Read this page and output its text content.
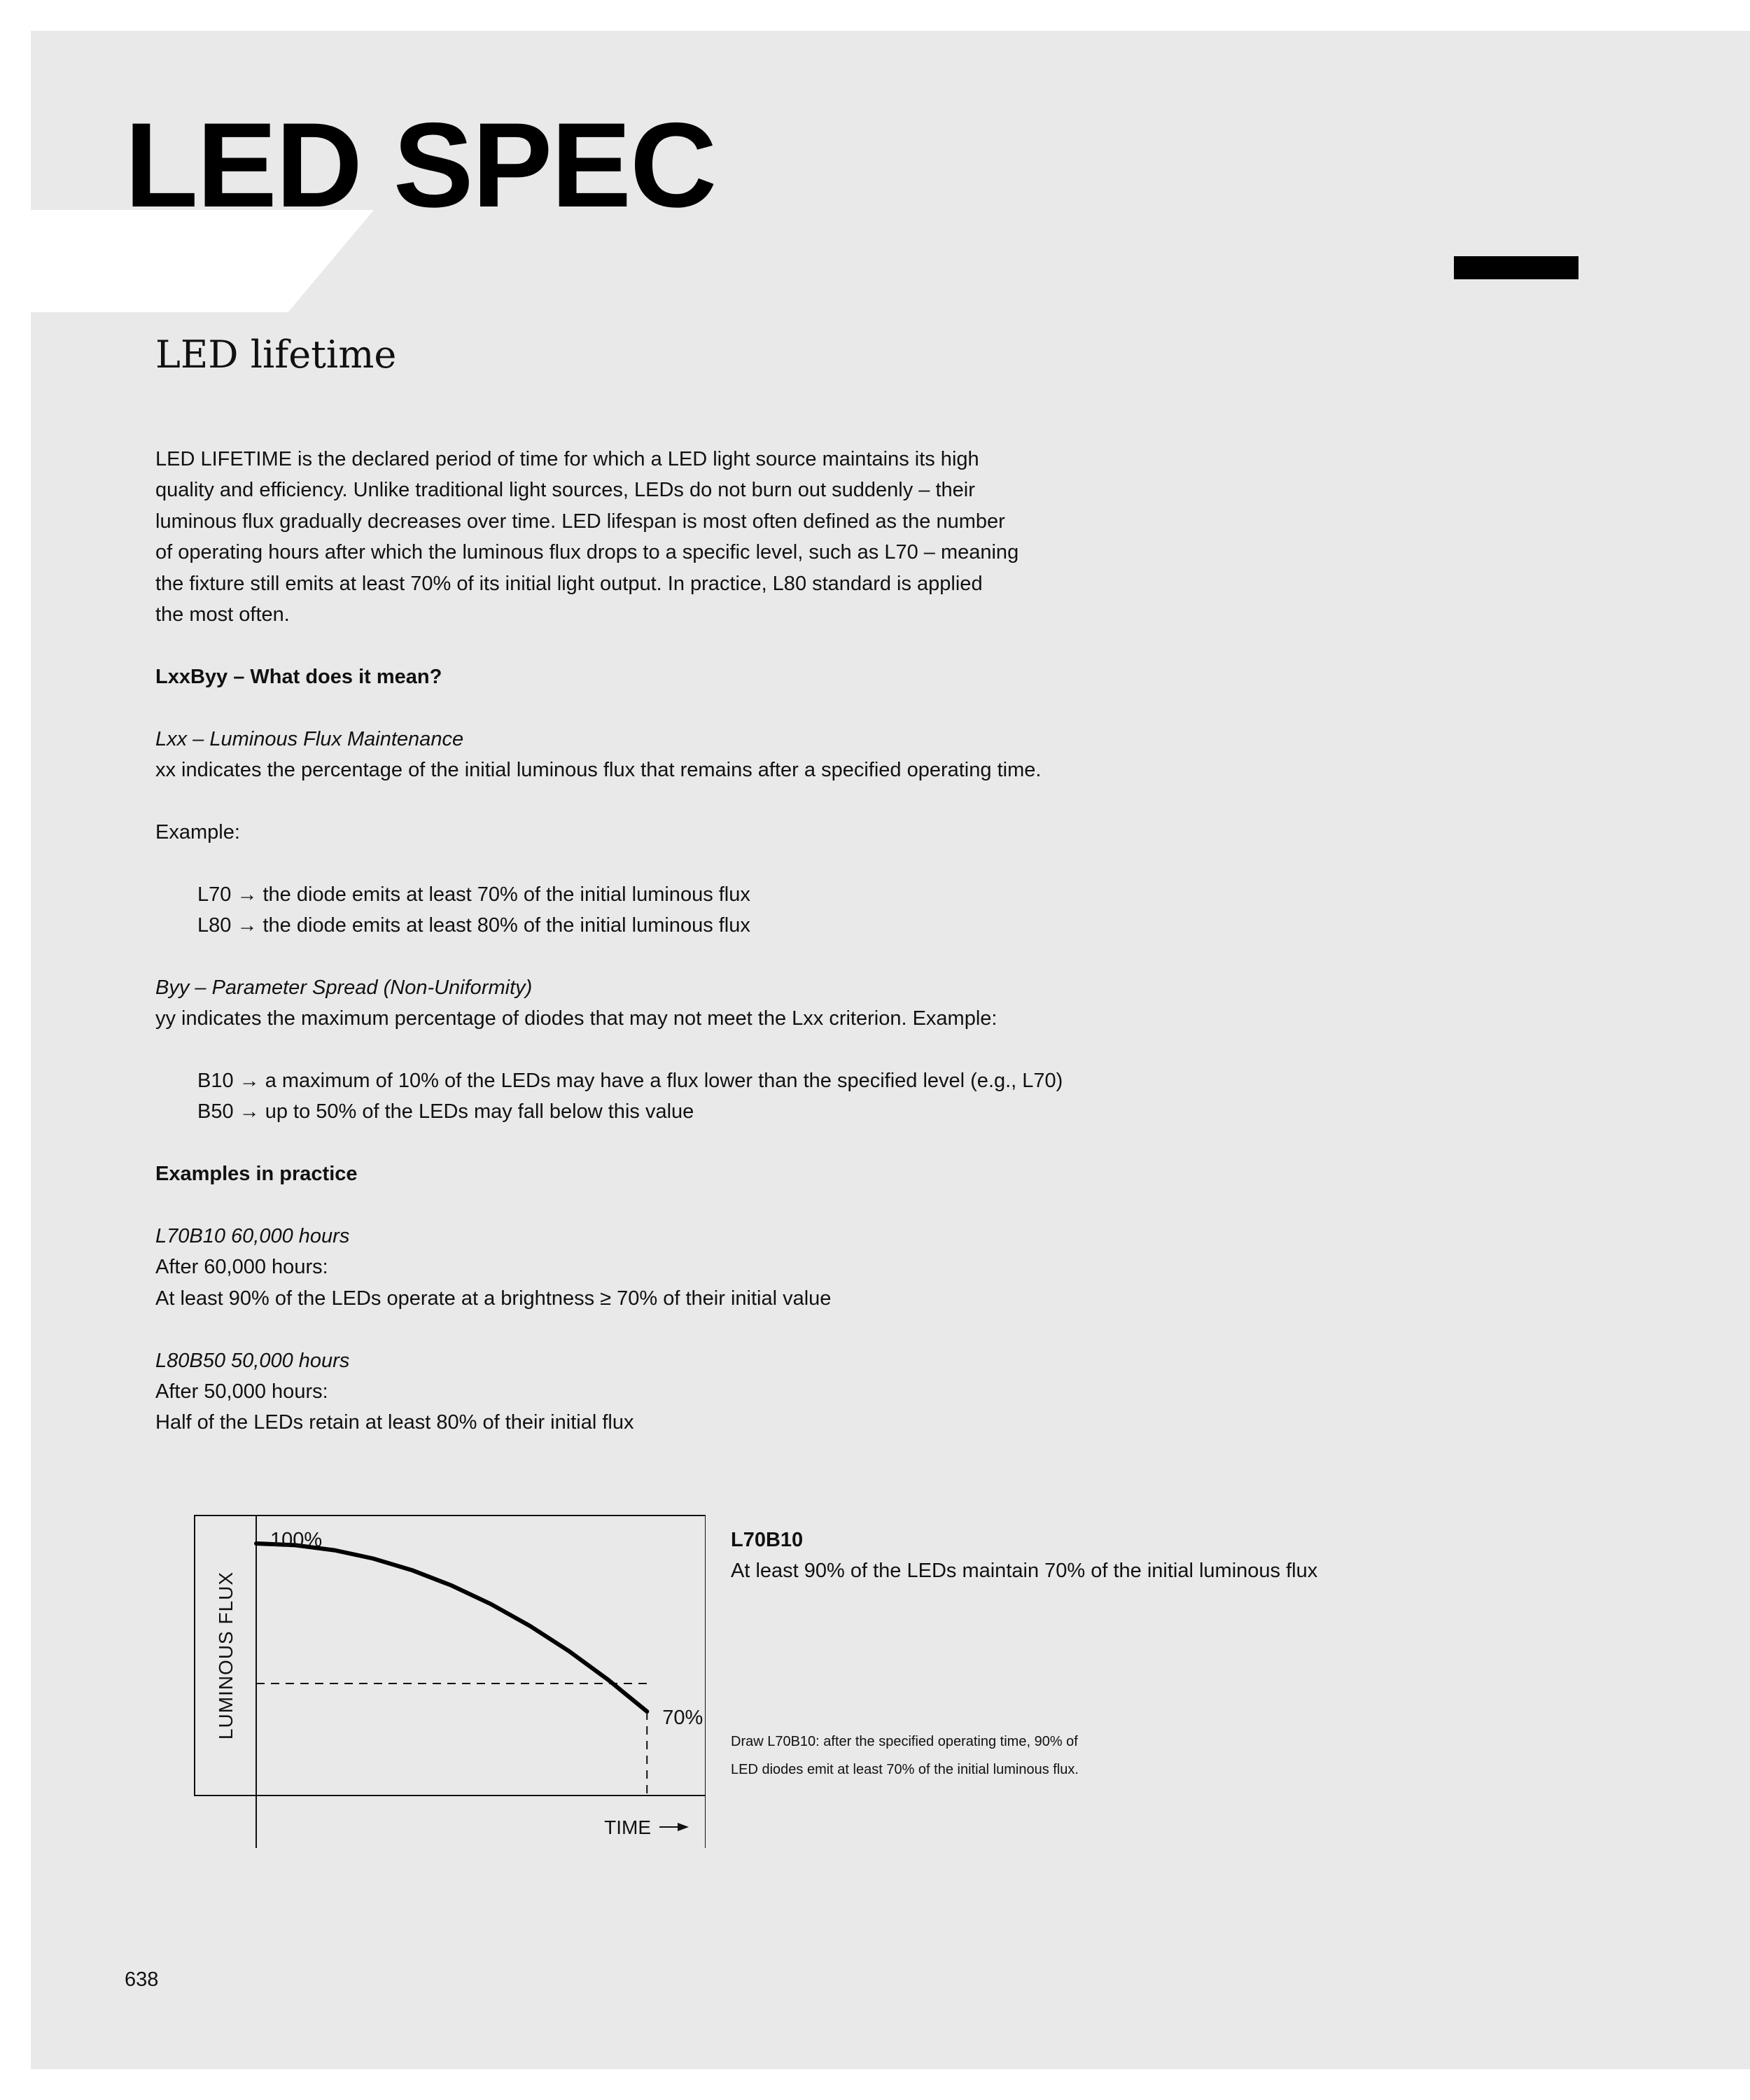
LED SPEC
LED lifetime

LED LIFETIME is the declared period of time for which a LED light source maintains its high

quality and efficiency. Unlike traditional light sources, LEDs do not burn out suddenly – their

luminous flux gradually decreases over time. LED lifespan is most often defined as the number

of operating hours after which the luminous flux drops to a specific level, such as L70 – meaning

the fixture still emits at least 70% of its initial light output. In practice, L80 standard is applied

the most often.

LxxByy – What does it mean?

Lxx – Luminous Flux Maintenance

xx indicates the percentage of the initial luminous flux that remains after a specified operating time.

Example:

L70 → the diode emits at least 70% of the initial luminous flux

L80 → the diode emits at least 80% of the initial luminous flux

Byy – Parameter Spread (Non-Uniformity)

yy indicates the maximum percentage of diodes that may not meet the Lxx criterion. Example:

B10 → a maximum of 10% of the LEDs may have a flux lower than the specified level (e.g., L70)

B50 → up to 50% of the LEDs may fall below this value

Examples in practice

L70B10 60,000 hours

After 60,000 hours:

At least 90% of the LEDs operate at a brightness ≥ 70% of their initial value

L80B50 50,000 hours

After 50,000 hours:

Half of the LEDs retain at least 80% of their initial flux

LUMINOUS FLUX
TIME
100%
70%

L70B10

At least 90% of the LEDs maintain 70% of the initial luminous flux

Draw L70B10: after the specified operating time, 90% of

LED diodes emit at least 70% of the initial luminous flux.

638
